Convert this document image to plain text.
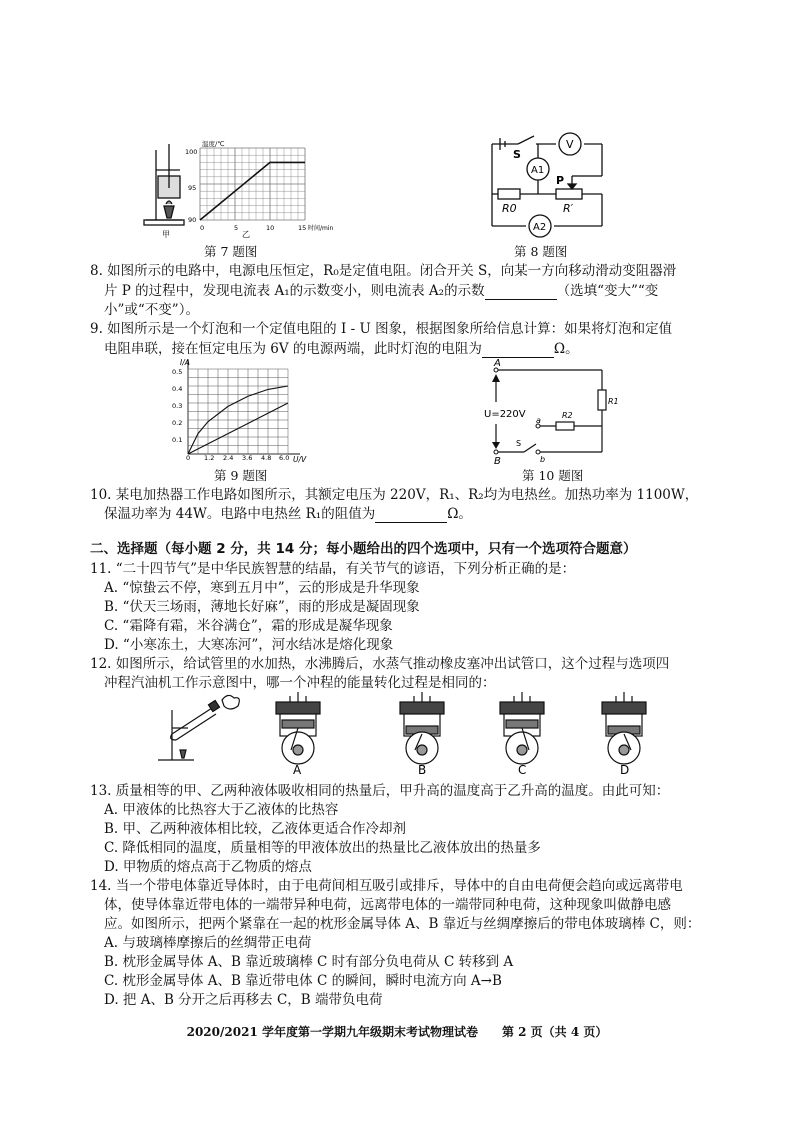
甲
温度/℃
时间/min
100
95
90
0	5	10	15
乙
第 7 题图
V
A1
A2
S
P
R0	R′
第 8 题图
8. 如图所示的电路中，电源电压恒定，R₀是定值电阻。闭合开关 S，向某一方向移动滑动变阻器滑
片 P 的过程中，发现电流表 A₁的示数变小，则电流表 A₂的示数	（选填“变大”“变
小”或“不变”）。
9. 如图所示是一个灯泡和一个定值电阻的 I - U 图象，根据图象所给信息计算：如果将灯泡和定值
电阻串联，接在恒定电压为 6V 的电源两端，此时灯泡的电阻为	Ω。
I/A
U/V
0.5
0.4
0.3
0.2
0.1
0 1.2 2.4 3.6 4.8 6.0
第 9 题图
A
B
U=220V
R1
R2
a
b
S
第 10 题图
10. 某电加热器工作电路如图所示，其额定电压为 220V，R₁、R₂均为电热丝。加热功率为 1100W，
保温功率为 44W。电路中电热丝 R₁的阻值为	Ω。
二、选择题（每小题 2 分，共 14 分；每小题给出的四个选项中，只有一个选项符合题意）
11. “二十四节气”是中华民族智慧的结晶，有关节气的谚语，下列分析正确的是：
A. “惊蛰云不停，寒到五月中”，云的形成是升华现象
B. “伏天三场雨，薄地长好麻”，雨的形成是凝固现象
C. “霜降有霜，米谷满仓”，霜的形成是凝华现象
D. “小寒冻土，大寒冻河”，河水结冰是熔化现象
12. 如图所示，给试管里的水加热，水沸腾后，水蒸气推动橡皮塞冲出试管口，这个过程与选项四
冲程汽油机工作示意图中，哪一个冲程的能量转化过程是相同的：
A	B	C	D
13. 质量相等的甲、乙两种液体吸收相同的热量后，甲升高的温度高于乙升高的温度。由此可知：
A. 甲液体的比热容大于乙液体的比热容
B. 甲、乙两种液体相比较，乙液体更适合作冷却剂
C. 降低相同的温度，质量相等的甲液体放出的热量比乙液体放出的热量多
D. 甲物质的熔点高于乙物质的熔点
14. 当一个带电体靠近导体时，由于电荷间相互吸引或排斥，导体中的自由电荷便会趋向或远离带电
体，使导体靠近带电体的一端带异种电荷，远离带电体的一端带同种电荷，这种现象叫做静电感
应。如图所示，把两个紧靠在一起的枕形金属导体 A、B 靠近与丝绸摩擦后的带电体玻璃棒 C，则：
A. 与玻璃棒摩擦后的丝绸带正电荷
B. 枕形金属导体 A、B 靠近玻璃棒 C 时有部分负电荷从 C 转移到 A
C. 枕形金属导体 A、B 靠近带电体 C 的瞬间，瞬时电流方向 A→B
D. 把 A、B 分开之后再移去 C，B 端带负电荷
2020/2021 学年度第一学期九年级期末考试物理试卷　　第 2 页（共 4 页）
